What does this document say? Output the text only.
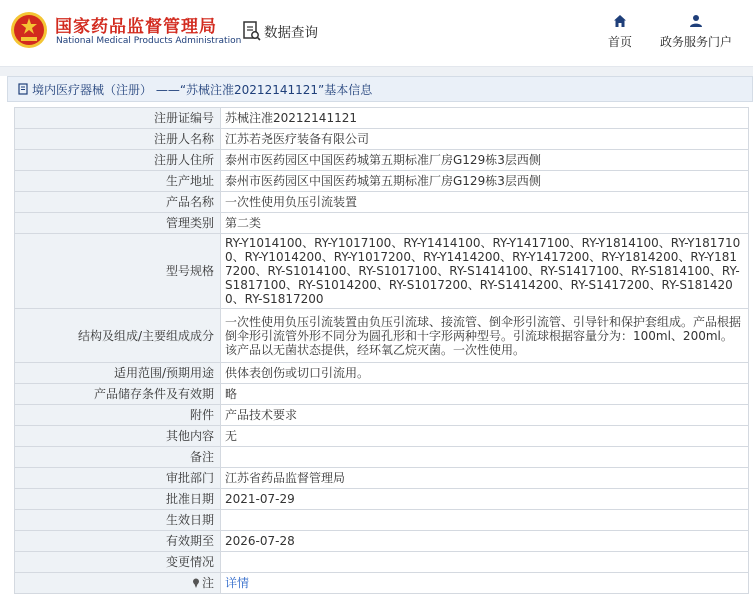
国家药品监督管理局
National Medical Products Administration 数据查询
首页	政务服务门户
境内医疗器械（注册） ——“苏械注准20212141121”基本信息
注册证编号	苏械注准20212141121
注册人名称	江苏若尧医疗装备有限公司
注册人住所	泰州市医药园区中国医药城第五期标准厂房G129栋3层西侧
生产地址	泰州市医药园区中国医药城第五期标准厂房G129栋3层西侧
产品名称	一次性使用负压引流装置
管理类别	第二类
型号规格	RY-Y1014100、RY-Y1017100、RY-Y1414100、RY-Y1417100、RY-Y1814100、RY-Y1817100、RY-Y1014200、RY-Y1017200、RY-Y1414200、RY-Y1417200、RY-Y1814200、RY-Y1817200、RY-S1014100、RY-S1017100、RY-S1414100、RY-S1417100、RY-S1814100、RY-S1817100、RY-S1014200、RY-S1017200、RY-S1414200、RY-S1417200、RY-S1814200、RY-S1817200
结构及组成/主要组成成分	一次性使用负压引流装置由负压引流球、接流管、倒伞形引流管、引导针和保护套组成。产品根据倒伞形引流管外形不同分为圆孔形和十字形两种型号。引流球根据容量分为：100ml、200ml。该产品以无菌状态提供，经环氧乙烷灭菌。一次性使用。
适用范围/预期用途	供体表创伤或切口引流用。
产品储存条件及有效期	略
附件	产品技术要求
其他内容	无
备注	
审批部门	江苏省药品监督管理局
批准日期	2021-07-29
生效日期	
有效期至	2026-07-28
变更情况	
注	详情
